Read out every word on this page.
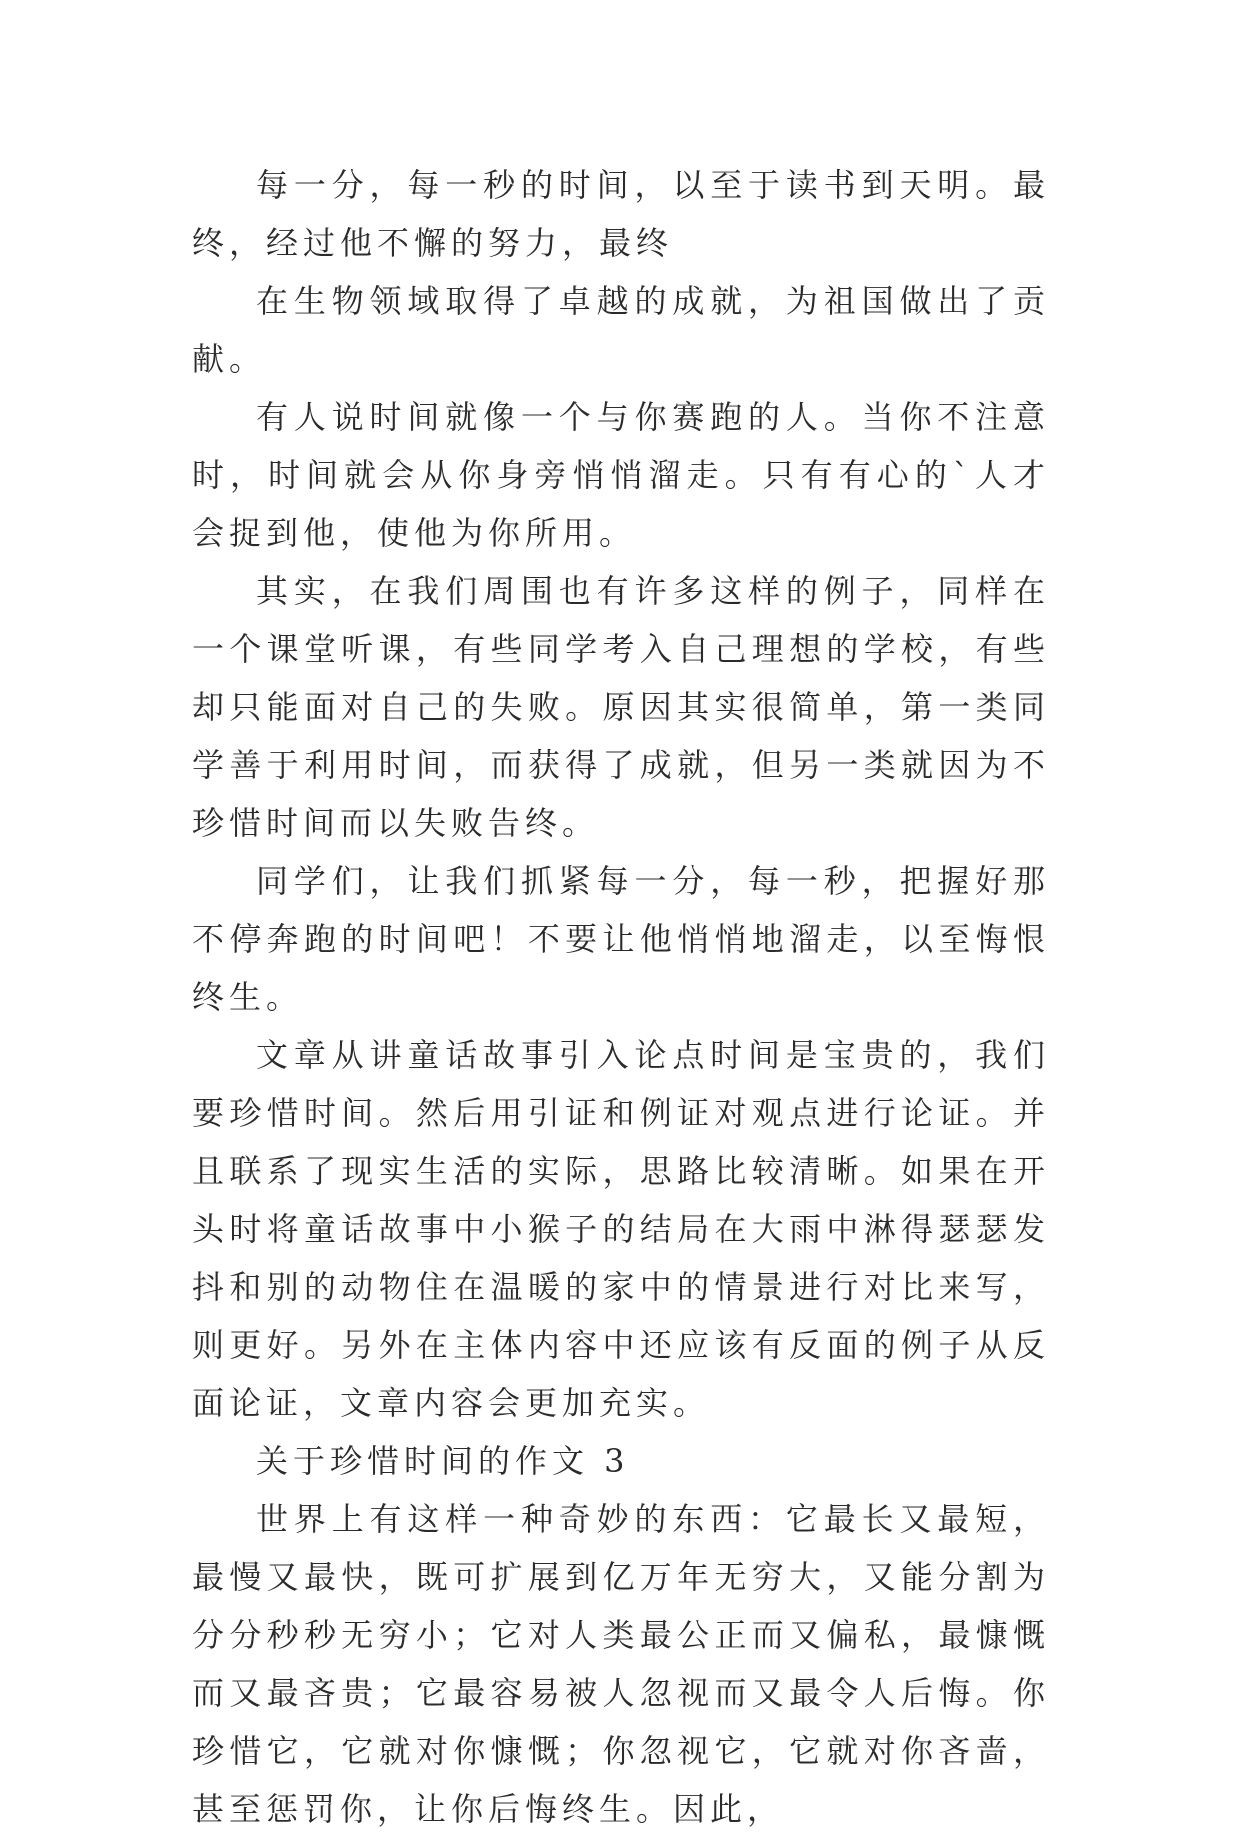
每一分，每一秒的时间，以至于读书到天明。最终，经过他不懈的努力，最终

在生物领域取得了卓越的成就，为祖国做出了贡献。

有人说时间就像一个与你赛跑的人。当你不注意时，时间就会从你身旁悄悄溜走。只有有心的`人才会捉到他，使他为你所用。

其实，在我们周围也有许多这样的例子，同样在一个课堂听课，有些同学考入自己理想的学校，有些却只能面对自己的失败。原因其实很简单，第一类同学善于利用时间，而获得了成就，但另一类就因为不珍惜时间而以失败告终。

同学们，让我们抓紧每一分，每一秒，把握好那不停奔跑的时间吧！不要让他悄悄地溜走，以至悔恨终生。

文章从讲童话故事引入论点时间是宝贵的，我们要珍惜时间。然后用引证和例证对观点进行论证。并且联系了现实生活的实际，思路比较清晰。如果在开头时将童话故事中小猴子的结局在大雨中淋得瑟瑟发抖和别的动物住在温暖的家中的情景进行对比来写，则更好。另外在主体内容中还应该有反面的例子从反面论证，文章内容会更加充实。

关于珍惜时间的作文 3

世界上有这样一种奇妙的东西：它最长又最短，最慢又最快，既可扩展到亿万年无穷大，又能分割为分分秒秒无穷小；它对人类最公正而又偏私，最慷慨而又最吝贵；它最容易被人忽视而又最令人后悔。你珍惜它，它就对你慷慨；你忽视它，它就对你吝啬，甚至惩罚你，让你后悔终生。因此，
